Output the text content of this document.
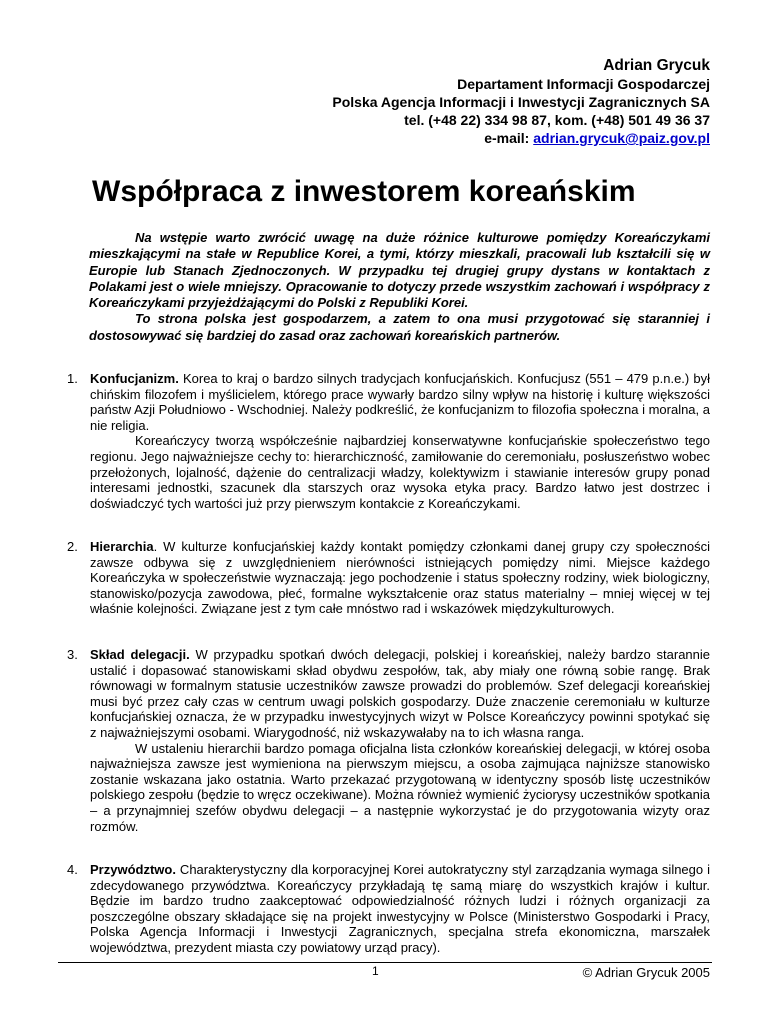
Adrian Grycuk
Departament Informacji Gospodarczej
Polska Agencja Informacji i Inwestycji Zagranicznych SA
tel. (+48 22) 334 98 87, kom. (+48) 501 49 36 37
e-mail: adrian.grycuk@paiz.gov.pl
Współpraca z inwestorem koreańskim

Na wstępie warto zwrócić uwagę na duże różnice kulturowe pomiędzy Koreańczykami mieszkającymi na stałe w Republice Korei, a tymi, którzy mieszkali, pracowali lub kształcili się w Europie lub Stanach Zjednoczonych. W przypadku tej drugiej grupy dystans w kontaktach z Polakami jest o wiele mniejszy. Opracowanie to dotyczy przede wszystkim zachowań i współpracy z Koreańczykami przyjeżdżającymi do Polski z Republiki Korei.

To strona polska jest gospodarzem, a zatem to ona musi przygotować się staranniej i dostosowywać się bardziej do zasad oraz zachowań koreańskich partnerów.

1. Konfucjanizm. Korea to kraj o bardzo silnych tradycjach konfucjańskich. Konfucjusz (551 – 479 p.n.e.) był chińskim filozofem i myślicielem, którego prace wywarły bardzo silny wpływ na historię i kulturę większości państw Azji Południowo - Wschodniej. Należy podkreślić, że konfucjanizm to filozofia społeczna i moralna, a nie religia.

Koreańczycy tworzą współcześnie najbardziej konserwatywne konfucjańskie społeczeństwo tego regionu. Jego najważniejsze cechy to: hierarchiczność, zamiłowanie do ceremoniału, posłuszeństwo wobec przełożonych, lojalność, dążenie do centralizacji władzy, kolektywizm i stawianie interesów grupy ponad interesami jednostki, szacunek dla starszych oraz wysoka etyka pracy. Bardzo łatwo jest dostrzec i doświadczyć tych wartości już przy pierwszym kontakcie z Koreańczykami.

2. Hierarchia. W kulturze konfucjańskiej każdy kontakt pomiędzy członkami danej grupy czy społeczności zawsze odbywa się z uwzględnieniem nierówności istniejących pomiędzy nimi. Miejsce każdego Koreańczyka w społeczeństwie wyznaczają: jego pochodzenie i status społeczny rodziny, wiek biologiczny, stanowisko/pozycja zawodowa, płeć, formalne wykształcenie oraz status materialny – mniej więcej w tej właśnie kolejności. Związane jest z tym całe mnóstwo rad i wskazówek międzykulturowych.

3. Skład delegacji. W przypadku spotkań dwóch delegacji, polskiej i koreańskiej, należy bardzo starannie ustalić i dopasować stanowiskami skład obydwu zespołów, tak, aby miały one równą sobie rangę. Brak równowagi w formalnym statusie uczestników zawsze prowadzi do problemów. Szef delegacji koreańskiej musi być przez cały czas w centrum uwagi polskich gospodarzy. Duże znaczenie ceremoniału w kulturze konfucjańskiej oznacza, że w przypadku inwestycyjnych wizyt w Polsce Koreańczycy powinni spotykać się z najważniejszymi osobami. Wiarygodność, niż wskazywałaby na to ich własna ranga.

W ustaleniu hierarchii bardzo pomaga oficjalna lista członków koreańskiej delegacji, w której osoba najważniejsza zawsze jest wymieniona na pierwszym miejscu, a osoba zajmująca najniższe stanowisko zostanie wskazana jako ostatnia. Warto przekazać przygotowaną w identyczny sposób listę uczestników polskiego zespołu (będzie to wręcz oczekiwane). Można również wymienić życiorysy uczestników spotkania – a przynajmniej szefów obydwu delegacji – a następnie wykorzystać je do przygotowania wizyty oraz rozmów.

4. Przywództwo. Charakterystyczny dla korporacyjnej Korei autokratyczny styl zarządzania wymaga silnego i zdecydowanego przywództwa. Koreańczycy przykładają tę samą miarę do wszystkich krajów i kultur. Będzie im bardzo trudno zaakceptować odpowiedzialność różnych ludzi i różnych organizacji za poszczególne obszary składające się na projekt inwestycyjny w Polsce (Ministerstwo Gospodarki i Pracy, Polska Agencja Informacji i Inwestycji Zagranicznych, specjalna strefa ekonomiczna, marszałek województwa, prezydent miasta czy powiatowy urząd pracy).

1	© Adrian Grycuk 2005
